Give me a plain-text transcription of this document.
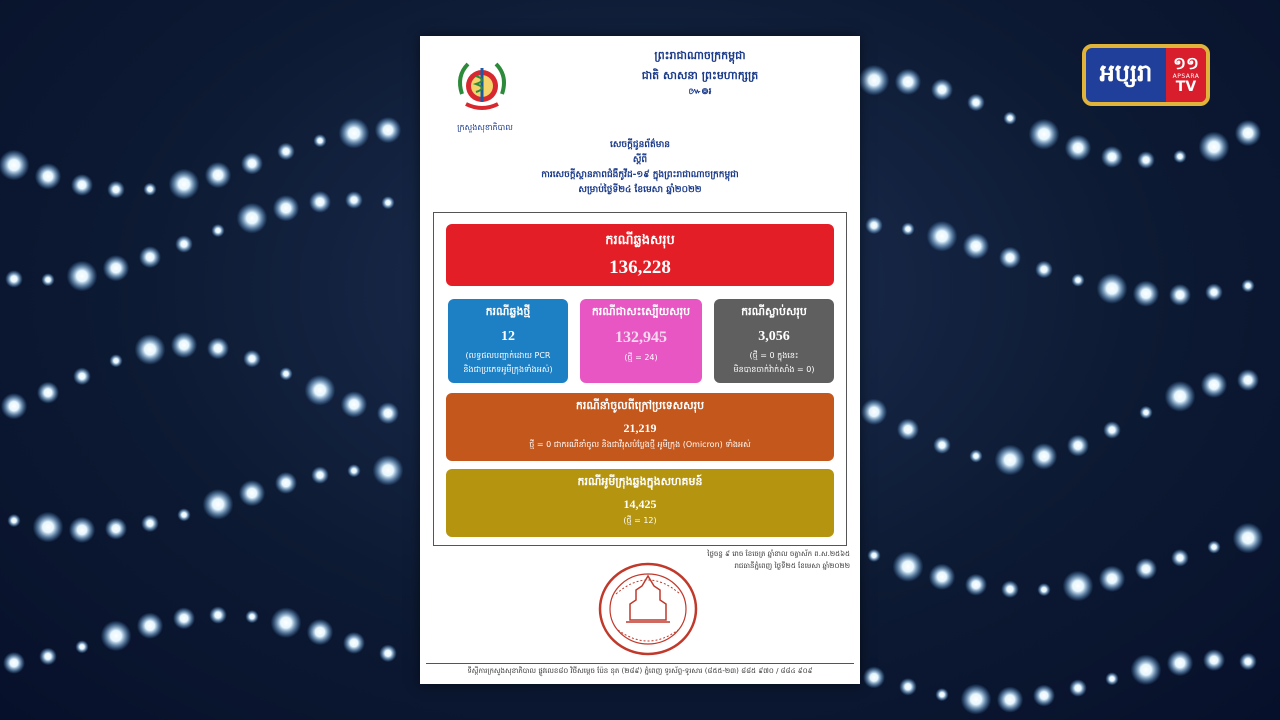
អប្សរា	១១
APSARA
TV
ក្រសួងសុខាភិបាល
ព្រះរាជាណាចក្រកម្ពុជា
ជាតិ សាសនា ព្រះមហាក្សត្រ
៚៙៛
សេចក្តីជូនព័ត៌មាន
ស្តីពី
ការសេចក្តីស្ថានភាពជំងឺកូវីដ-១៩ ក្នុងព្រះរាជាណាចក្រកម្ពុជា
សម្រាប់ថ្ងៃទី២៤ ខែមេសា ឆ្នាំ២០២២
ករណីឆ្លងសរុប
136,228
ករណីឆ្លងថ្មី
12
(លទ្ធផលបញ្ជាក់ដោយ PCR
និងជាប្រភេទអូមីក្រុងទាំងអស់)
ករណីជាសះស្បើយសរុប
132,945
(ថ្មី = 24)
ករណីស្លាប់សរុប
3,056
(ថ្មី = 0 ក្នុងនេះ
មិនបានចាក់វ៉ាក់សាំង = 0)
ករណីនាំចូលពីក្រៅប្រទេសសរុប
21,219
ថ្មី = 0 ជាករណីនាំចូល និងជាវីរុសបំប្លែងថ្មី អូមីក្រុង (Omicron) ទាំងអស់
ករណីអូមីក្រុងឆ្លងក្នុងសហគមន៍
14,425
(ថ្មី = 12)
ថ្ងៃចន្ទ ៩ រោច ខែចេត្រ ឆ្នាំខាល ចត្វាស័ក ព.ស.២៥៦៥
រាជធានីភ្នំពេញ ថ្ងៃទី២៥ ខែមេសា ឆ្នាំ២០២២
ទីស្តីការក្រសួងសុខាភិបាល ផ្លូវលេខ៨០ វិថីសម្តេច ប៉ែន នុត (២៨៩) ភ្នំពេញ ទូរស័ព្ទ-ទូរសារ (៨៥៥-២៣) ៨៨៥ ៩៧០ / ៨៨៤ ៩០៩
